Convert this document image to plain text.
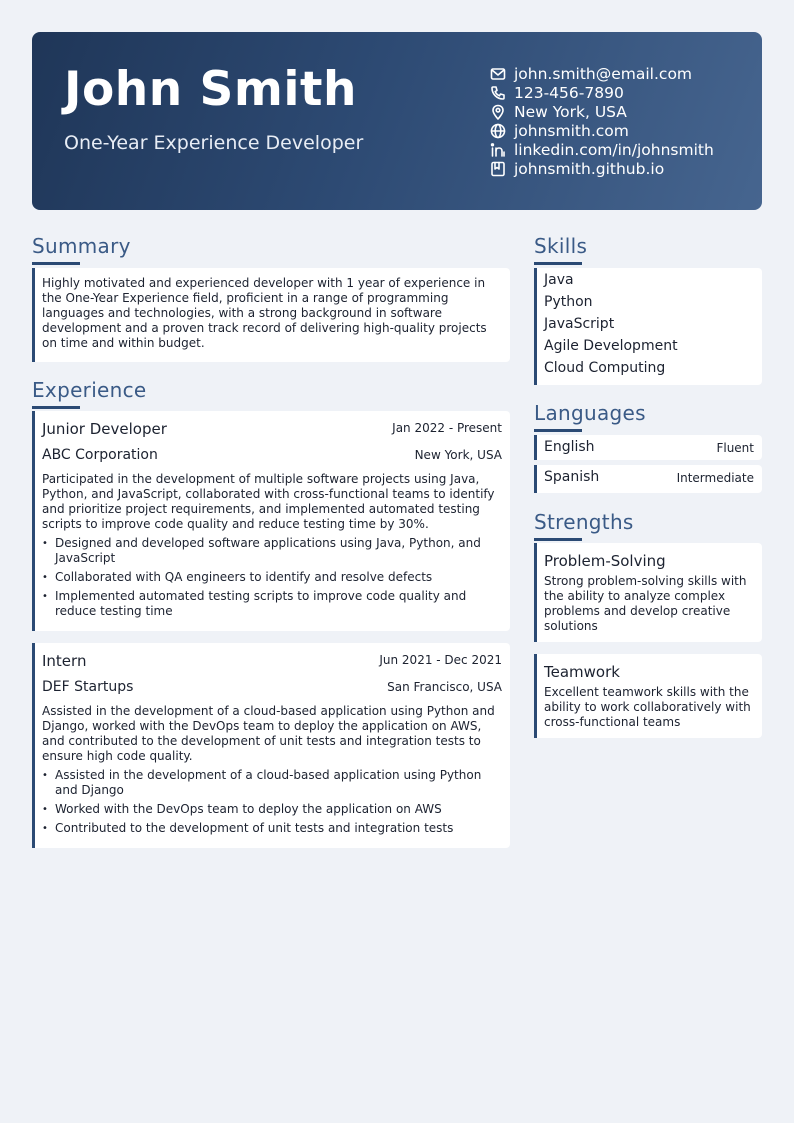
John Smith
One-Year Experience Developer
john.smith@email.com
123-456-7890
New York, USA
johnsmith.com
linkedin.com/in/johnsmith
johnsmith.github.io
Summary
Highly motivated and experienced developer with 1 year of experience in the One-Year Experience field, proficient in a range of programming languages and technologies, with a strong background in software development and a proven track record of delivering high-quality projects on time and within budget.
Experience
Junior Developer	Jan 2022 - Present
ABC Corporation	New York, USA
Participated in the development of multiple software projects using Java, Python, and JavaScript, collaborated with cross-functional teams to identify and prioritize project requirements, and implemented automated testing scripts to improve code quality and reduce testing time by 30%.
• Designed and developed software applications using Java, Python, and JavaScript
• Collaborated with QA engineers to identify and resolve defects
• Implemented automated testing scripts to improve code quality and reduce testing time
Intern	Jun 2021 - Dec 2021
DEF Startups	San Francisco, USA
Assisted in the development of a cloud-based application using Python and Django, worked with the DevOps team to deploy the application on AWS, and contributed to the development of unit tests and integration tests to ensure high code quality.
• Assisted in the development of a cloud-based application using Python and Django
• Worked with the DevOps team to deploy the application on AWS
• Contributed to the development of unit tests and integration tests
Skills
Java
Python
JavaScript
Agile Development
Cloud Computing
Languages
English	Fluent
Spanish	Intermediate
Strengths
Problem-Solving
Strong problem-solving skills with the ability to analyze complex problems and develop creative solutions
Teamwork
Excellent teamwork skills with the ability to work collaboratively with cross-functional teams
